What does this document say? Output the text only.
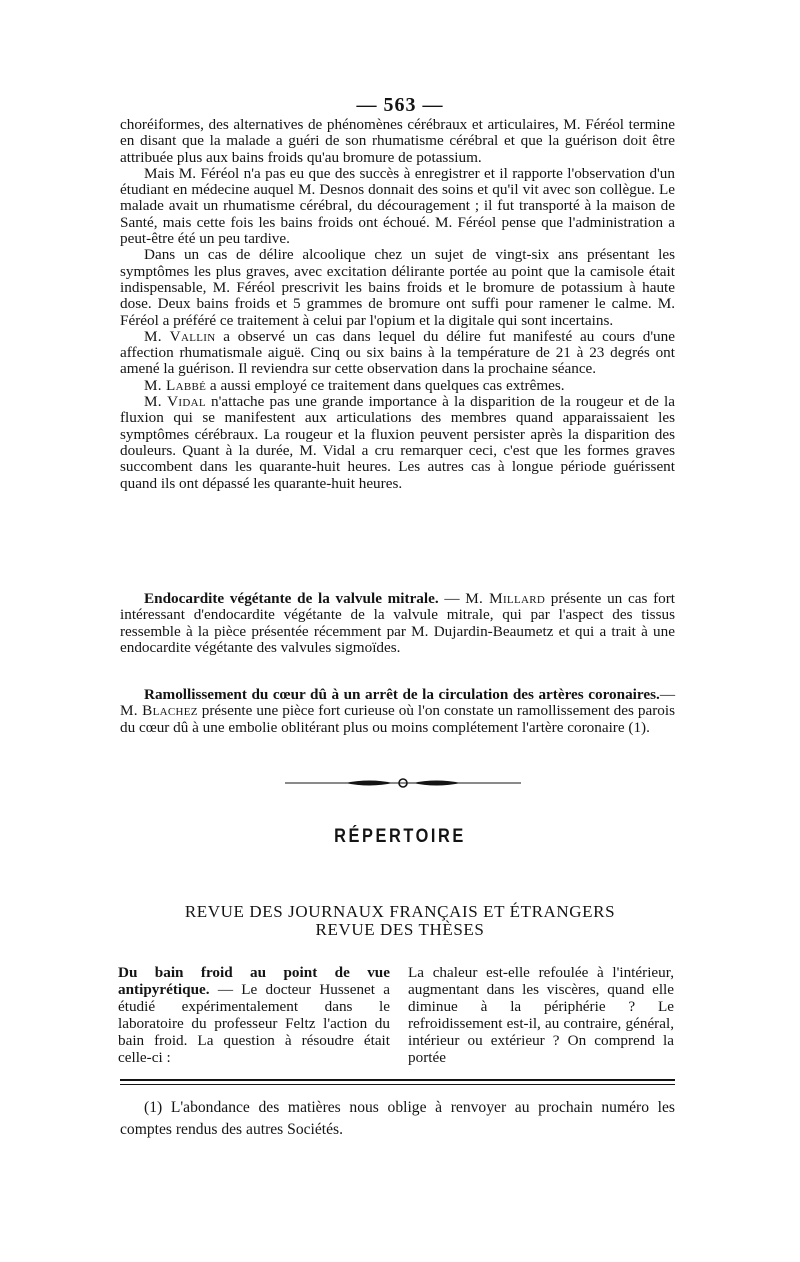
— 563 —

choréiformes, des alternatives de phénomènes cérébraux et articulaires, M. Féréol termine en disant que la malade a guéri de son rhumatisme cérébral et que la guérison doit être attribuée plus aux bains froids qu'au bromure de potassium.

Mais M. Féréol n'a pas eu que des succès à enregistrer et il rapporte l'observation d'un étudiant en médecine auquel M. Desnos donnait des soins et qu'il vit avec son collègue. Le malade avait un rhumatisme cérébral, du découragement ; il fut transporté à la maison de Santé, mais cette fois les bains froids ont échoué. M. Féréol pense que l'administration a peut-être été un peu tardive.

Dans un cas de délire alcoolique chez un sujet de vingt-six ans présentant les symptômes les plus graves, avec excitation délirante portée au point que la camisole était indispensable, M. Féréol prescrivit les bains froids et le bromure de potassium à haute dose. Deux bains froids et 5 grammes de bromure ont suffi pour ramener le calme. M. Féréol a préféré ce traitement à celui par l'opium et la digitale qui sont incertains.

M. Vallin a observé un cas dans lequel du délire fut manifesté au cours d'une affection rhumatismale aiguë. Cinq ou six bains à la température de 21 à 23 degrés ont amené la guérison. Il reviendra sur cette observation dans la prochaine séance.

M. Labbé a aussi employé ce traitement dans quelques cas extrêmes.

M. Vidal n'attache pas une grande importance à la disparition de la rougeur et de la fluxion qui se manifestent aux articulations des membres quand apparaissaient les symptômes cérébraux. La rougeur et la fluxion peuvent persister après la disparition des douleurs. Quant à la durée, M. Vidal a cru remarquer ceci, c'est que les formes graves succombent dans les quarante-huit heures. Les autres cas à longue période guérissent quand ils ont dépassé les quarante-huit heures.

Endocardite végétante de la valvule mitrale. — M. Millard présente un cas fort intéressant d'endocardite végétante de la valvule mitrale, qui par l'aspect des tissus ressemble à la pièce présentée récemment par M. Dujardin-Beaumetz et qui a trait à une endocardite végétante des valvules sigmoïdes.

Ramollissement du cœur dû à un arrêt de la circulation des artères coronaires.—M. Blachez présente une pièce fort curieuse où l'on constate un ramollissement des parois du cœur dû à une embolie oblitérant plus ou moins complétement l'artère coronaire (1).

RÉPERTOIRE
REVUE DES JOURNAUX FRANÇAIS ET ÉTRANGERS
REVUE DES THÈSES

Du bain froid au point de vue antipyrétique. — Le docteur Hussenet a étudié expérimentalement dans le laboratoire du professeur Feltz l'action du bain froid. La question à résoudre était celle-ci :

La chaleur est-elle refoulée à l'intérieur, augmentant dans les viscères, quand elle diminue à la périphérie ? Le refroidissement est-il, au contraire, général, intérieur ou extérieur ? On comprend la portée

(1) L'abondance des matières nous oblige à renvoyer au prochain numéro les comptes rendus des autres Sociétés.
